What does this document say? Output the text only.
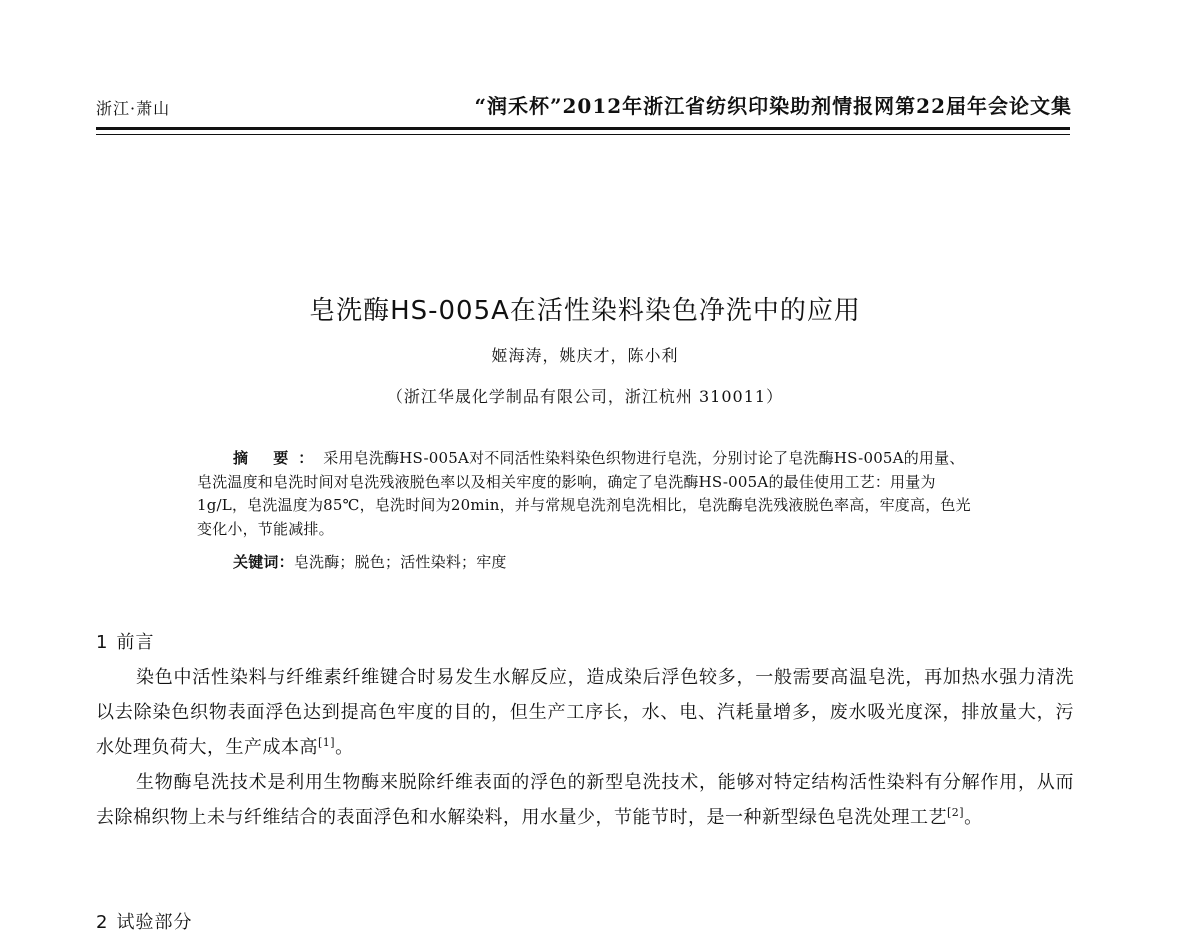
浙江·萧山	“润禾杯”2012年浙江省纺织印染助剂情报网第22届年会论文集
皂洗酶HS-005A在活性染料染色净洗中的应用
姬海涛，姚庆才，陈小利
（浙江华晟化学制品有限公司，浙江杭州 310011）
摘 要：采用皂洗酶HS-005A对不同活性染料染色织物进行皂洗，分别讨论了皂洗酶HS-005A的用量、皂洗温度和皂洗时间对皂洗残液脱色率以及相关牢度的影响，确定了皂洗酶HS-005A的最佳使用工艺：用量为1g/L，皂洗温度为85℃，皂洗时间为20min，并与常规皂洗剂皂洗相比，皂洗酶皂洗残液脱色率高，牢度高，色光变化小，节能减排。
关键词：皂洗酶；脱色；活性染料；牢度
1 前言
染色中活性染料与纤维素纤维键合时易发生水解反应，造成染后浮色较多，一般需要高温皂洗，再加热水强力清洗以去除染色织物表面浮色达到提高色牢度的目的，但生产工序长，水、电、汽耗量增多，废水吸光度深，排放量大，污水处理负荷大，生产成本高[1]。
生物酶皂洗技术是利用生物酶来脱除纤维表面的浮色的新型皂洗技术，能够对特定结构活性染料有分解作用，从而去除棉织物上未与纤维结合的表面浮色和水解染料，用水量少，节能节时，是一种新型绿色皂洗处理工艺[2]。
2 试验部分
